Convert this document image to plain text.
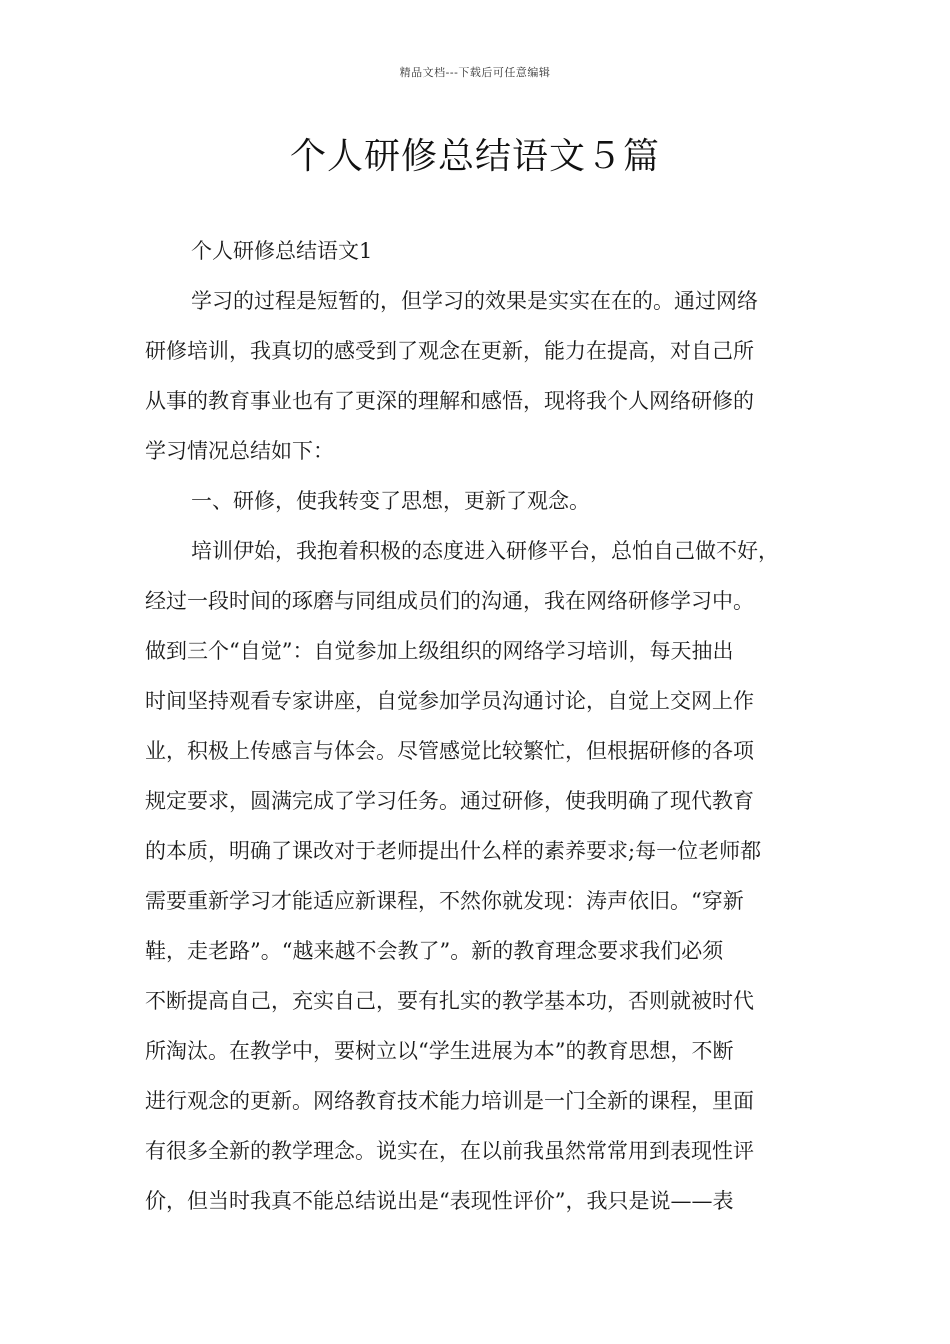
精品文档---下载后可任意编辑
个人研修总结语文５篇
个人研修总结语文1
学习的过程是短暂的，但学习的效果是实实在在的。通过网络
研修培训，我真切的感受到了观念在更新，能力在提高，对自己所
从事的教育事业也有了更深的理解和感悟，现将我个人网络研修的
学习情况总结如下：
一、研修，使我转变了思想，更新了观念。
培训伊始，我抱着积极的态度进入研修平台，总怕自己做不好，
经过一段时间的琢磨与同组成员们的沟通，我在网络研修学习中。
做到三个“自觉”：自觉参加上级组织的网络学习培训，每天抽出
时间坚持观看专家讲座，自觉参加学员沟通讨论，自觉上交网上作
业，积极上传感言与体会。尽管感觉比较繁忙，但根据研修的各项
规定要求，圆满完成了学习任务。通过研修，使我明确了现代教育
的本质，明确了课改对于老师提出什么样的素养要求;每一位老师都
需要重新学习才能适应新课程，不然你就发现：涛声依旧。“穿新
鞋，走老路”。“越来越不会教了”。新的教育理念要求我们必须
不断提高自己，充实自己，要有扎实的教学基本功，否则就被时代
所淘汰。在教学中，要树立以“学生进展为本”的教育思想，不断
进行观念的更新。网络教育技术能力培训是一门全新的课程，里面
有很多全新的教学理念。说实在，在以前我虽然常常用到表现性评
价，但当时我真不能总结说出是“表现性评价”，我只是说——表
